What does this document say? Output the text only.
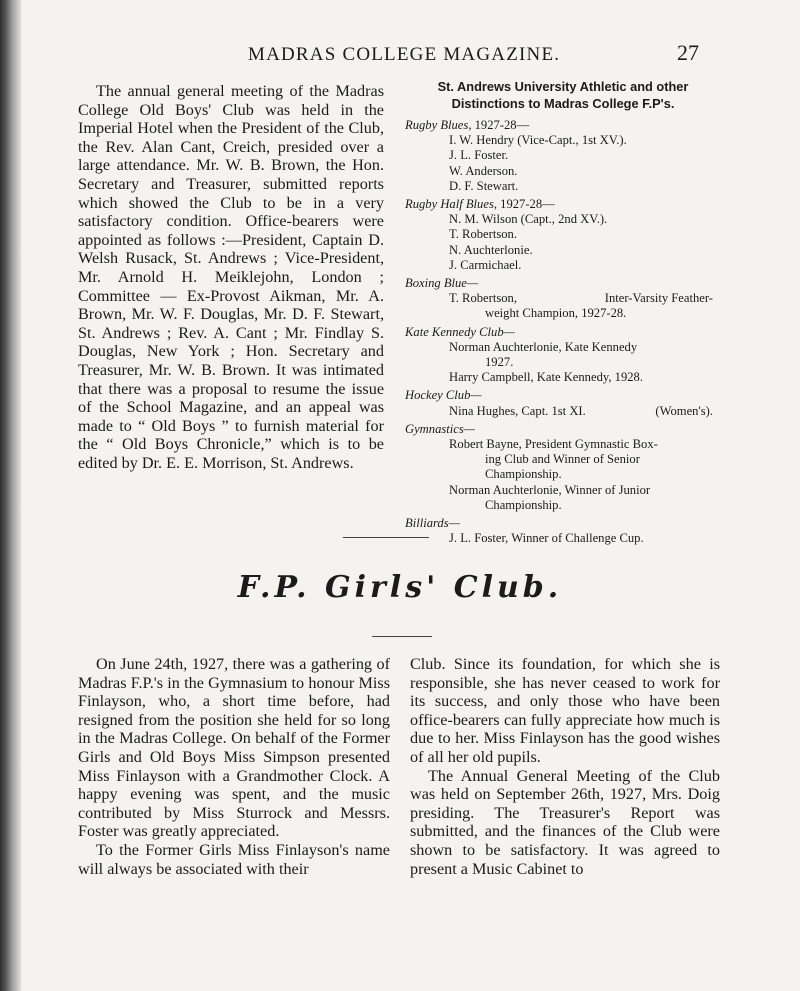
MADRAS COLLEGE MAGAZINE.	27

The annual general meeting of the Madras College Old Boys' Club was held in the Imperial Hotel when the President of the Club, the Rev. Alan Cant, Creich, presided over a large attendance. Mr. W. B. Brown, the Hon. Secretary and Treasurer, submitted reports which showed the Club to be in a very satisfactory condition. Office-bearers were appointed as follows :—President, Captain D. Welsh Rusack, St. Andrews ; Vice-President, Mr. Arnold H. Meiklejohn, London ; Committee — Ex-Provost Aikman, Mr. A. Brown, Mr. W. F. Douglas, Mr. D. F. Stewart, St. Andrews ; Rev. A. Cant ; Mr. Findlay S. Douglas, New York ; Hon. Secretary and Treasurer, Mr. W. B. Brown. It was intimated that there was a proposal to resume the issue of the School Magazine, and an appeal was made to “ Old Boys ” to furnish material for the “ Old Boys Chronicle,” which is to be edited by Dr. E. E. Morrison, St. Andrews.

St. Andrews University Athletic and other
Distinctions to Madras College F.P's.
Rugby Blues, 1927-28—
I. W. Hendry (Vice-Capt., 1st XV.).
J. L. Foster.
W. Anderson.
D. F. Stewart.
Rugby Half Blues, 1927-28—
N. M. Wilson (Capt., 2nd XV.).
T. Robertson.
N. Auchterlonie.
J. Carmichael.
Boxing Blue—
T. Robertson,	Inter-Varsity Feather-
weight Champion, 1927-28.
Kate Kennedy Club—
Norman Auchterlonie, Kate Kennedy
1927.
Harry Campbell, Kate Kennedy, 1928.
Hockey Club—
Nina Hughes, Capt. 1st XI.	(Women's).
Gymnastics—
Robert Bayne, President Gymnastic Box-
ing Club and Winner of Senior
Championship.
Norman Auchterlonie, Winner of Junior
Championship.
Billiards—
J. L. Foster, Winner of Challenge Cup.
F.P. Girls' Club.

On June 24th, 1927, there was a gathering of Madras F.P.'s in the Gymnasium to honour Miss Finlayson, who, a short time before, had resigned from the position she held for so long in the Madras College. On behalf of the Former Girls and Old Boys Miss Simpson presented Miss Finlayson with a Grandmother Clock. A happy evening was spent, and the music contributed by Miss Sturrock and Messrs. Foster was greatly appreciated.

To the Former Girls Miss Finlayson's name will always be associated with their

Club. Since its foundation, for which she is responsible, she has never ceased to work for its success, and only those who have been office-bearers can fully appreciate how much is due to her. Miss Finlayson has the good wishes of all her old pupils.

The Annual General Meeting of the Club was held on September 26th, 1927, Mrs. Doig presiding. The Treasurer's Report was submitted, and the finances of the Club were shown to be satisfactory. It was agreed to present a Music Cabinet to
